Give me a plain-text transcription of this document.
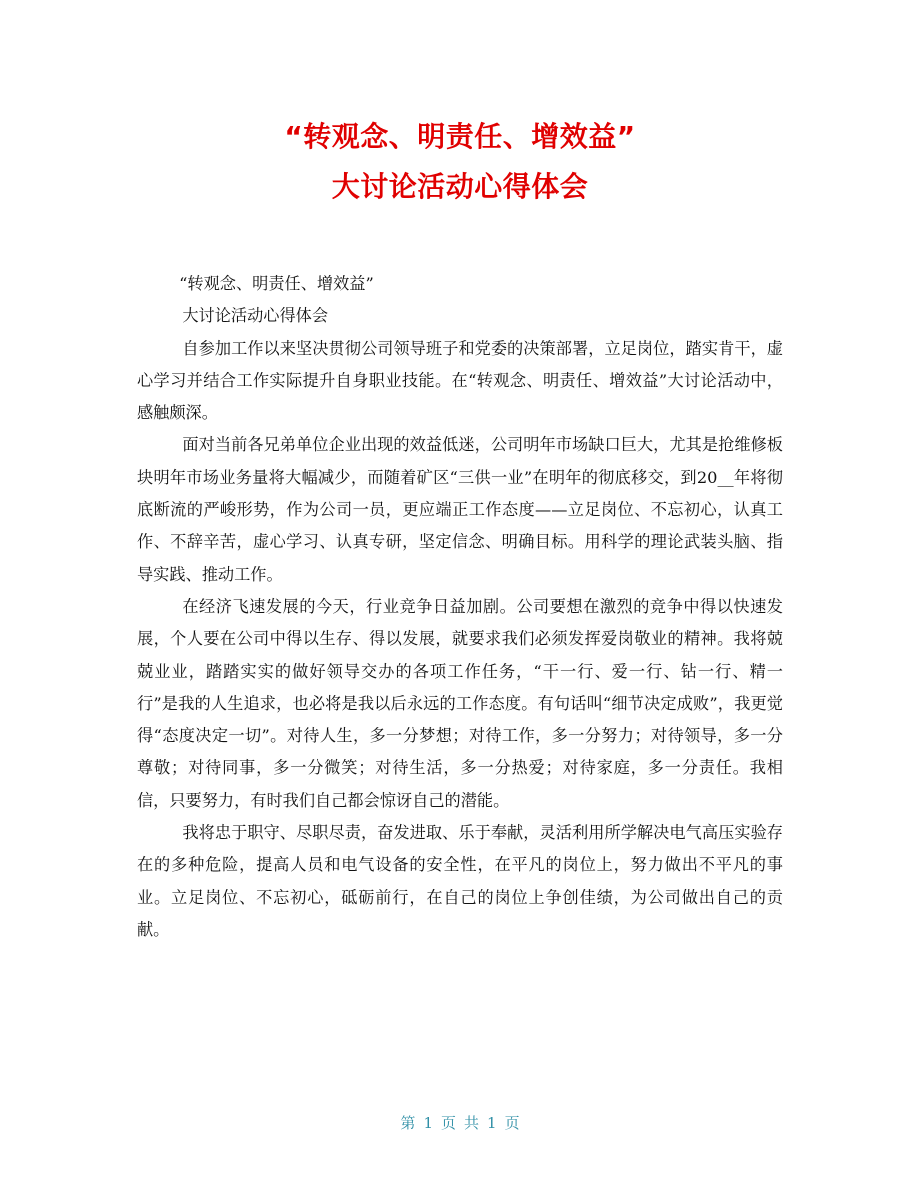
“转观念、明责任、增效益”
大讨论活动心得体会

“转观念、明责任、增效益”

大讨论活动心得体会

自参加工作以来坚决贯彻公司领导班子和党委的决策部署，立足岗位，踏实肯干，虚心学习并结合工作实际提升自身职业技能。在“转观念、明责任、增效益”大讨论活动中，感触颇深。

面对当前各兄弟单位企业出现的效益低迷，公司明年市场缺口巨大，尤其是抢维修板块明年市场业务量将大幅减少，而随着矿区“三供一业”在明年的彻底移交，到20__年将彻底断流的严峻形势，作为公司一员，更应端正工作态度——立足岗位、不忘初心，认真工作、不辞辛苦，虚心学习、认真专研，坚定信念、明确目标。用科学的理论武装头脑、指导实践、推动工作。

在经济飞速发展的今天，行业竞争日益加剧。公司要想在激烈的竞争中得以快速发展，个人要在公司中得以生存、得以发展，就要求我们必须发挥爱岗敬业的精神。我将兢兢业业，踏踏实实的做好领导交办的各项工作任务，“干一行、爱一行、钻一行、精一行”是我的人生追求，也必将是我以后永远的工作态度。有句话叫“细节决定成败”，我更觉得“态度决定一切”。对待人生，多一分梦想；对待工作，多一分努力；对待领导，多一分尊敬；对待同事，多一分微笑；对待生活，多一分热爱；对待家庭，多一分责任。我相信，只要努力，有时我们自己都会惊讶自己的潜能。

我将忠于职守、尽职尽责，奋发进取、乐于奉献，灵活利用所学解决电气高压实验存在的多种危险，提高人员和电气设备的安全性，在平凡的岗位上，努力做出不平凡的事业。立足岗位、不忘初心，砥砺前行，在自己的岗位上争创佳绩，为公司做出自己的贡献。

第 1 页 共 1 页
